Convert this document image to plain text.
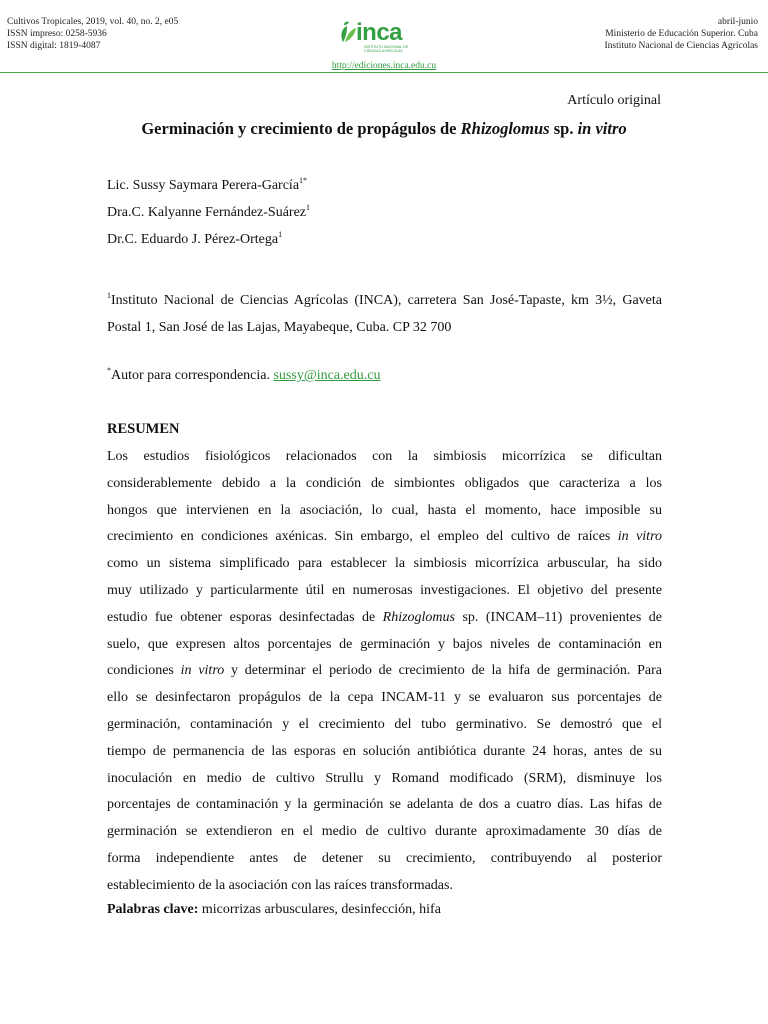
Cultivos Tropicales, 2019, vol. 40, no. 2, e05
ISSN impreso: 0258-5936
ISSN digital: 1819-4087	inca
INSTITUTO NACIONAL DE CIENCIAS AGRÍCOLAS
abril-junio
Ministerio de Educación Superior. Cuba
Instituto Nacional de Ciencias Agrícolas
http://ediciones.inca.edu.cu
Artículo original
Germinación y crecimiento de propágulos de Rhizoglomus sp. in vitro
Lic. Sussy Saymara Perera-García$^{1*}$
Dra.C. Kalyanne Fernández-Suárez$^1$
Dr.C. Eduardo J. Pérez-Ortega$^1$
$^1$Instituto Nacional de Ciencias Agrícolas (INCA), carretera San José-Tapaste, km 3½, Gaveta Postal 1, San José de las Lajas, Mayabeque, Cuba. CP 32 700
*Autor para correspondencia. sussy@inca.edu.cu
RESUMEN
Los estudios fisiológicos relacionados con la simbiosis micorrízica se dificultan
considerablemente debido a la condición de simbiontes obligados que caracteriza a los
hongos que intervienen en la asociación, lo cual, hasta el momento, hace imposible su
crecimiento en condiciones axénicas. Sin embargo, el empleo del cultivo de raíces in vitro
como un sistema simplificado para establecer la simbiosis micorrízica arbuscular, ha sido
muy utilizado y particularmente útil en numerosas investigaciones. El objetivo del presente
estudio fue obtener esporas desinfectadas de Rhizoglomus sp. (INCAM‒11) provenientes de
suelo, que expresen altos porcentajes de germinación y bajos niveles de contaminación en
condiciones in vitro y determinar el periodo de crecimiento de la hifa de germinación. Para
ello se desinfectaron propágulos de la cepa INCAM-11 y se evaluaron sus porcentajes de
germinación, contaminación y el crecimiento del tubo germinativo. Se demostró que el
tiempo de permanencia de las esporas en solución antibiótica durante 24 horas, antes de su
inoculación en medio de cultivo Strullu y Romand modificado (SRM), disminuye los
porcentajes de contaminación y la germinación se adelanta de dos a cuatro días. Las hifas de
germinación se extendieron en el medio de cultivo durante aproximadamente 30 días de
forma independiente antes de detener su crecimiento, contribuyendo al posterior
establecimiento de la asociación con las raíces transformadas.
Palabras clave: micorrizas arbusculares, desinfección, hifa
